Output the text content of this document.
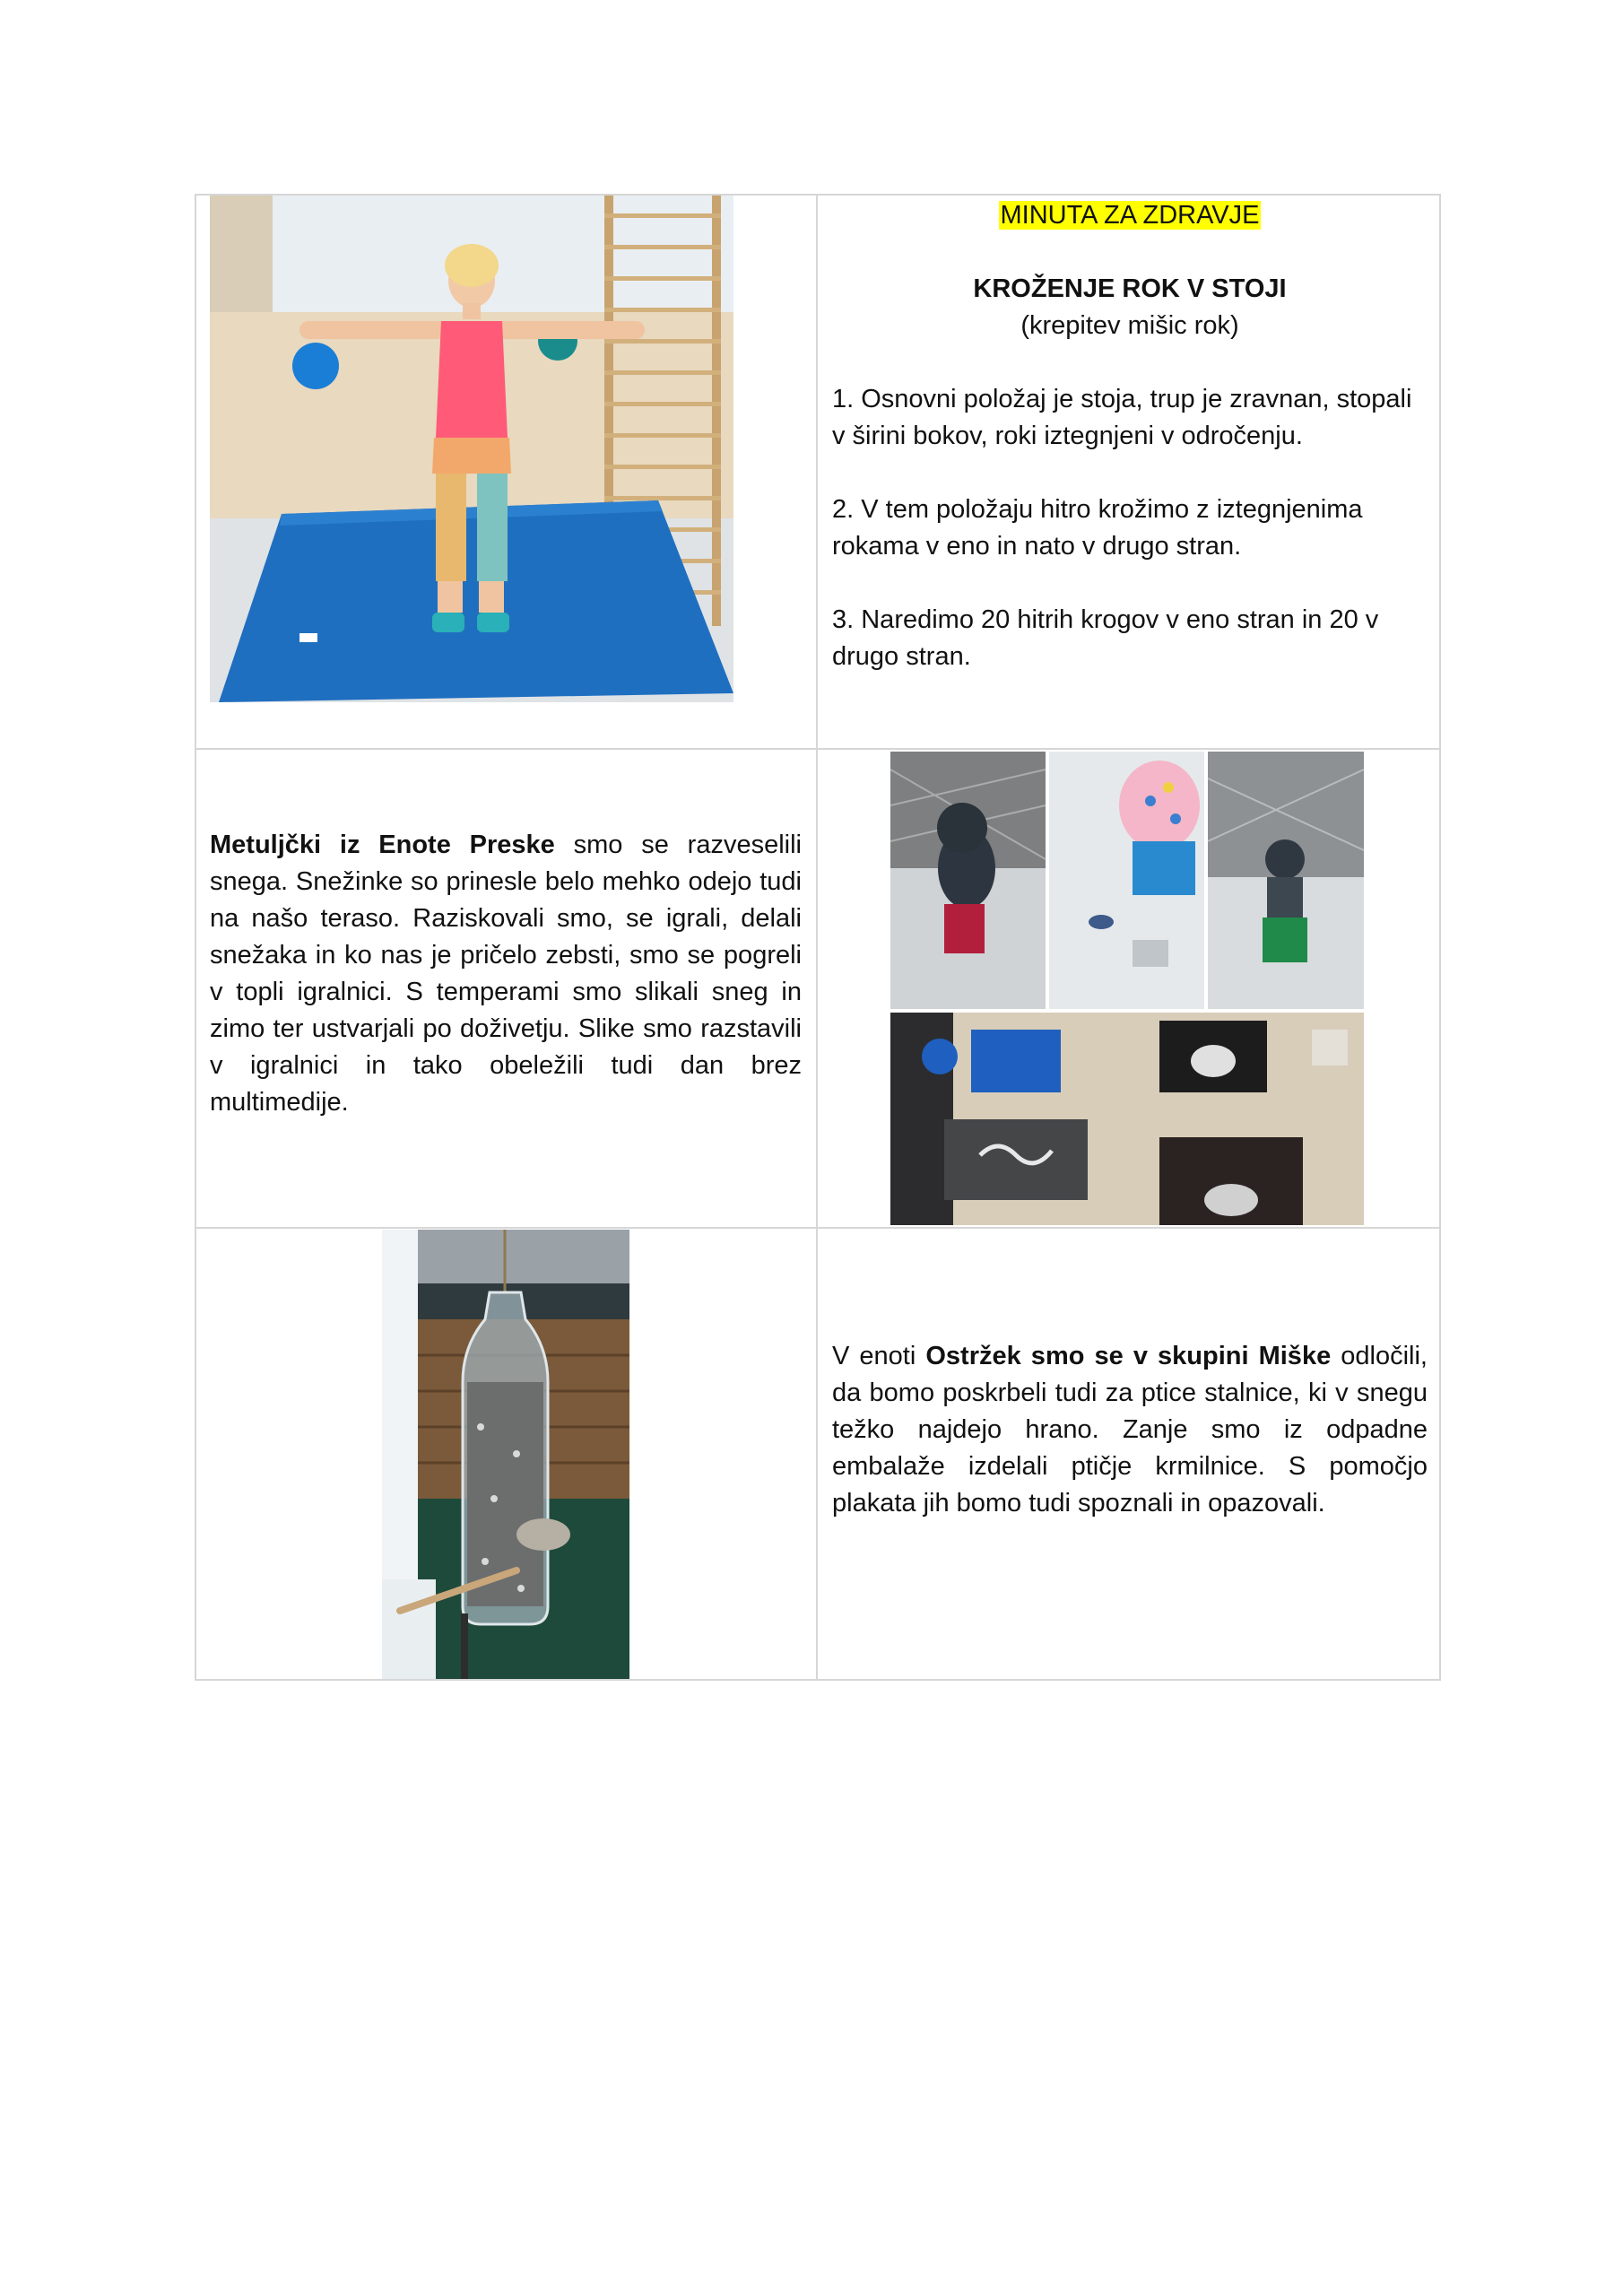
MINUTA ZA ZDRAVJE
KROŽENJE ROK V STOJI
(krepitev mišic rok)
1. Osnovni položaj je stoja, trup je zravnan, stopali v širini bokov, roki iztegnjeni v odročenju.
2. V tem položaju hitro krožimo z iztegnjenima rokama v eno in nato v drugo stran.
3. Naredimo 20 hitrih krogov v eno stran in 20 v drugo stran.
Metuljčki iz Enote Preske smo se razveselili snega. Snežinke so prinesle belo mehko odejo tudi na našo teraso. Raziskovali smo, se igrali, delali snežaka in ko nas je pričelo zebsti, smo se pogreli v topli igralnici. S temperami smo slikali sneg in zimo ter ustvarjali po doživetju. Slike smo razstavili v igralnici in tako obeležili tudi dan brez multimedije.
V enoti Ostržek smo se v skupini Miške odločili, da bomo poskrbeli tudi za ptice stalnice, ki v snegu težko najdejo hrano. Zanje smo iz odpadne embalaže izdelali ptičje krmilnice. S pomočjo plakata jih bomo tudi spoznali in opazovali.
